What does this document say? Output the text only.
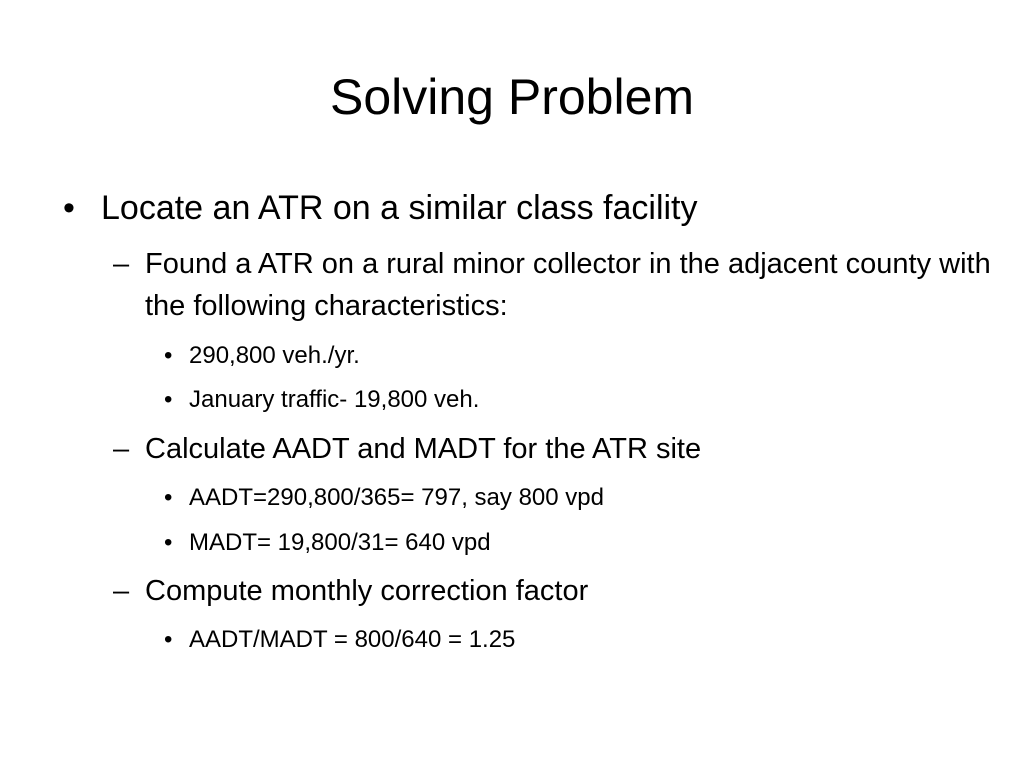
Solving Problem
• Locate an ATR on a similar class facility
– Found a ATR on a rural minor collector in the adjacent county with the following characteristics:
• 290,800 veh./yr.
• January traffic- 19,800 veh.
– Calculate AADT and MADT for the ATR site
• AADT=290,800/365= 797, say 800 vpd
• MADT= 19,800/31= 640 vpd
– Compute monthly correction factor
• AADT/MADT = 800/640 = 1.25
